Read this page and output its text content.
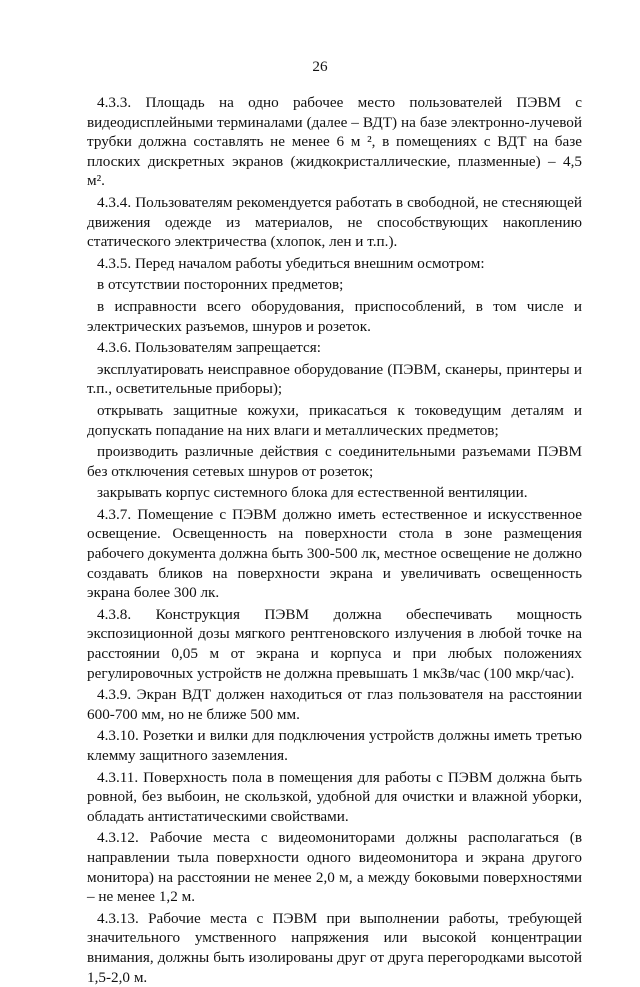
26

4.3.3. Площадь на одно рабочее место пользователей ПЭВМ с видеодисплейными терминалами (далее – ВДТ) на базе электронно-лучевой трубки должна составлять не менее 6 м ², в помещениях с ВДТ на базе плоских дискретных экранов (жидкокристаллические, плазменные) – 4,5 м².

4.3.4. Пользователям рекомендуется работать в свободной, не стесняющей движения одежде из материалов, не способствующих накоплению статического электричества (хлопок, лен и т.п.).

4.3.5. Перед началом работы убедиться внешним осмотром:

в отсутствии посторонних предметов;

в исправности всего оборудования, приспособлений, в том числе и электрических разъемов, шнуров и розеток.

4.3.6. Пользователям запрещается:

эксплуатировать неисправное оборудование (ПЭВМ, сканеры, принтеры и т.п., осветительные приборы);

открывать защитные кожухи, прикасаться к токоведущим деталям и допускать попадание на них влаги и металлических предметов;

производить различные действия с соединительными разъемами ПЭВМ без отключения сетевых шнуров от розеток;

закрывать корпус системного блока для естественной вентиляции.

4.3.7. Помещение с ПЭВМ должно иметь естественное и искусственное освещение. Освещенность на поверхности стола в зоне размещения рабочего документа должна быть 300-500 лк, местное освещение не должно создавать бликов на поверхности экрана и увеличивать освещенность экрана более 300 лк.

4.3.8. Конструкция ПЭВМ должна обеспечивать мощность экспозиционной дозы мягкого рентгеновского излучения в любой точке на расстоянии 0,05 м от экрана и корпуса и при любых положениях регулировочных устройств не должна превышать 1 мкЗв/час (100 мкр/час).

4.3.9. Экран ВДТ должен находиться от глаз пользователя на расстоянии 600-700 мм, но не ближе 500 мм.

4.3.10. Розетки и вилки для подключения устройств должны иметь третью клемму защитного заземления.

4.3.11. Поверхность пола в помещения для работы с ПЭВМ должна быть ровной, без выбоин, не скользкой, удобной для очистки и влажной уборки, обладать антистатическими свойствами.

4.3.12. Рабочие места с видеомониторами должны располагаться (в направлении тыла поверхности одного видеомонитора и экрана другого монитора) на расстоянии не менее 2,0 м, а между боковыми поверхностями – не менее 1,2 м.

4.3.13. Рабочие места с ПЭВМ при выполнении работы, требующей значительного умственного напряжения или высокой концентрации внимания, должны быть изолированы друг от друга перегородками высотой 1,5-2,0 м.
